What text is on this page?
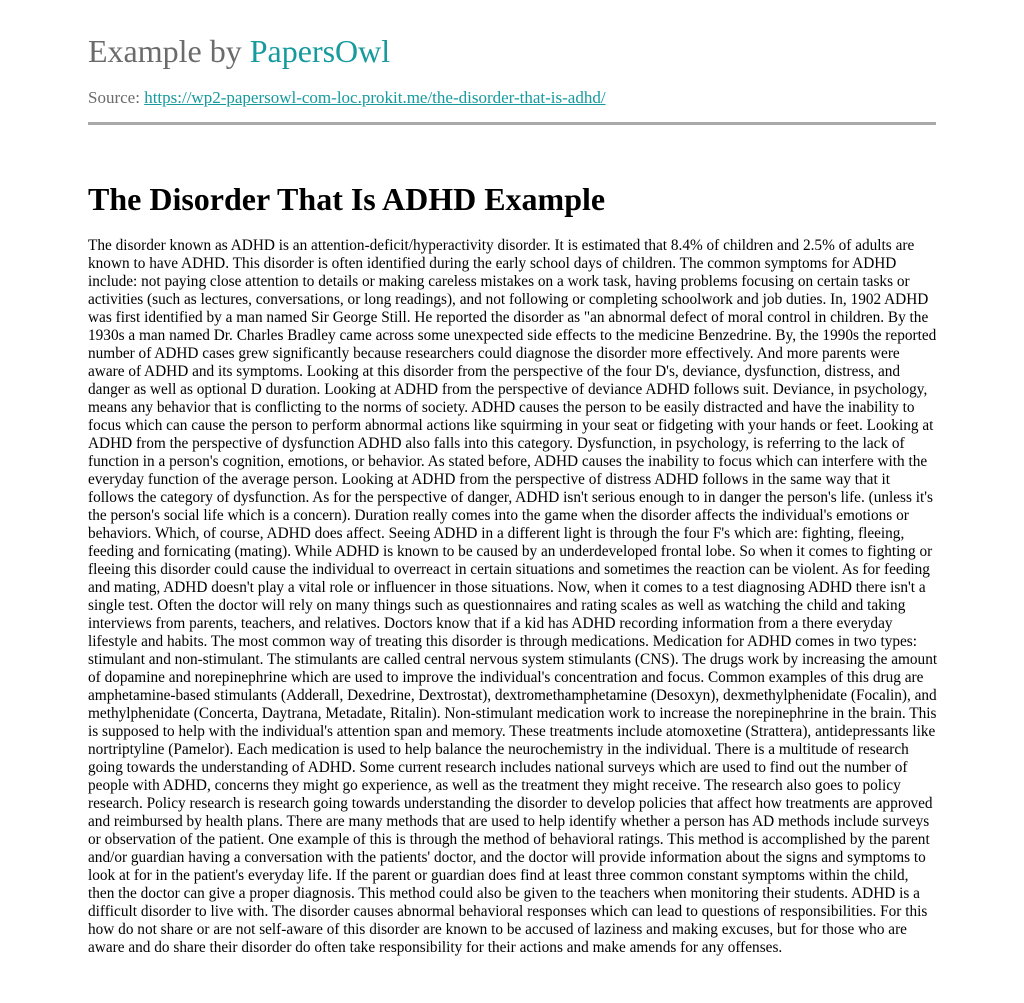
Example by PapersOwl
Source: https://wp2-papersowl-com-loc.prokit.me/the-disorder-that-is-adhd/
The Disorder That Is ADHD Example

The disorder known as ADHD is an attention-deficit/hyperactivity disorder. It is estimated that 8.4% of children and 2.5% of adults are known to have ADHD. This disorder is often identified during the early school days of children. The common symptoms for ADHD include: not paying close attention to details or making careless mistakes on a work task, having problems focusing on certain tasks or activities (such as lectures, conversations, or long readings), and not following or completing schoolwork and job duties. In, 1902 ADHD was first identified by a man named Sir George Still. He reported the disorder as "an abnormal defect of moral control in children. By the 1930s a man named Dr. Charles Bradley came across some unexpected side effects to the medicine Benzedrine. By, the 1990s the reported number of ADHD cases grew significantly because researchers could diagnose the disorder more effectively. And more parents were aware of ADHD and its symptoms. Looking at this disorder from the perspective of the four D's, deviance, dysfunction, distress, and danger as well as optional D duration. Looking at ADHD from the perspective of deviance ADHD follows suit. Deviance, in psychology, means any behavior that is conflicting to the norms of society. ADHD causes the person to be easily distracted and have the inability to focus which can cause the person to perform abnormal actions like squirming in your seat or fidgeting with your hands or feet. Looking at ADHD from the perspective of dysfunction ADHD also falls into this category. Dysfunction, in psychology, is referring to the lack of function in a person's cognition, emotions, or behavior. As stated before, ADHD causes the inability to focus which can interfere with the everyday function of the average person. Looking at ADHD from the perspective of distress ADHD follows in the same way that it follows the category of dysfunction. As for the perspective of danger, ADHD isn't serious enough to in danger the person's life. (unless it's the person's social life which is a concern). Duration really comes into the game when the disorder affects the individual's emotions or behaviors. Which, of course, ADHD does affect. Seeing ADHD in a different light is through the four F's which are: fighting, fleeing, feeding and fornicating (mating). While ADHD is known to be caused by an underdeveloped frontal lobe. So when it comes to fighting or fleeing this disorder could cause the individual to overreact in certain situations and sometimes the reaction can be violent. As for feeding and mating, ADHD doesn't play a vital role or influencer in those situations. Now, when it comes to a test diagnosing ADHD there isn't a single test. Often the doctor will rely on many things such as questionnaires and rating scales as well as watching the child and taking interviews from parents, teachers, and relatives. Doctors know that if a kid has ADHD recording information from a there everyday lifestyle and habits. The most common way of treating this disorder is through medications. Medication for ADHD comes in two types: stimulant and non-stimulant. The stimulants are called central nervous system stimulants (CNS). The drugs work by increasing the amount of dopamine and norepinephrine which are used to improve the individual's concentration and focus. Common examples of this drug are amphetamine-based stimulants (Adderall, Dexedrine, Dextrostat), dextromethamphetamine (Desoxyn), dexmethylphenidate (Focalin), and methylphenidate (Concerta, Daytrana, Metadate, Ritalin). Non-stimulant medication work to increase the norepinephrine in the brain. This is supposed to help with the individual's attention span and memory. These treatments include atomoxetine (Strattera), antidepressants like nortriptyline (Pamelor). Each medication is used to help balance the neurochemistry in the individual. There is a multitude of research going towards the understanding of ADHD. Some current research includes national surveys which are used to find out the number of people with ADHD, concerns they might go experience, as well as the treatment they might receive. The research also goes to policy research. Policy research is research going towards understanding the disorder to develop policies that affect how treatments are approved and reimbursed by health plans. There are many methods that are used to help identify whether a person has AD methods include surveys or observation of the patient. One example of this is through the method of behavioral ratings. This method is accomplished by the parent and/or guardian having a conversation with the patients' doctor, and the doctor will provide information about the signs and symptoms to look at for in the patient's everyday life. If the parent or guardian does find at least three common constant symptoms within the child, then the doctor can give a proper diagnosis. This method could also be given to the teachers when monitoring their students. ADHD is a difficult disorder to live with. The disorder causes abnormal behavioral responses which can lead to questions of responsibilities. For this how do not share or are not self-aware of this disorder are known to be accused of laziness and making excuses, but for those who are aware and do share their disorder do often take responsibility for their actions and make amends for any offenses.
